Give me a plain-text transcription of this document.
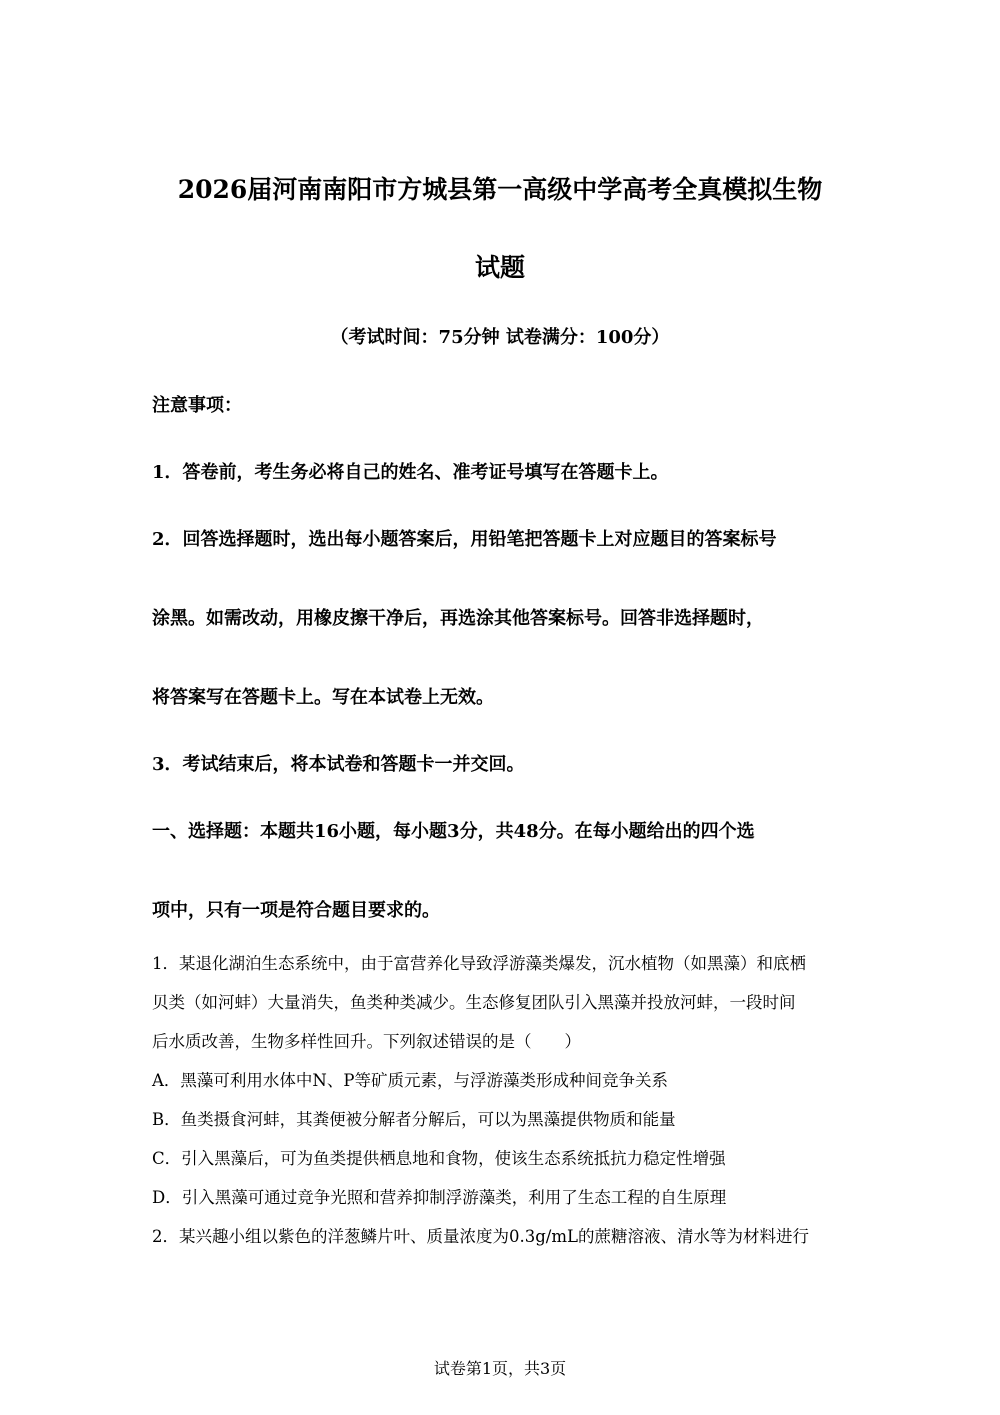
2026届河南南阳市方城县第一高级中学高考全真模拟生物
试题
（考试时间：75分钟 试卷满分：100分）
注意事项：
1．答卷前，考生务必将自己的姓名、准考证号填写在答题卡上。
2．回答选择题时，选出每小题答案后，用铅笔把答题卡上对应题目的答案标号
涂黑。如需改动，用橡皮擦干净后，再选涂其他答案标号。回答非选择题时，
将答案写在答题卡上。写在本试卷上无效。
3．考试结束后，将本试卷和答题卡一并交回。
一、选择题：本题共16小题，每小题3分，共48分。在每小题给出的四个选
项中，只有一项是符合题目要求的。
1．某退化湖泊生态系统中，由于富营养化导致浮游藻类爆发，沉水植物（如黑藻）和底栖
贝类（如河蚌）大量消失，鱼类种类减少。生态修复团队引入黑藻并投放河蚌，一段时间
后水质改善，生物多样性回升。下列叙述错误的是（　　）
A．黑藻可利用水体中N、P等矿质元素，与浮游藻类形成种间竞争关系
B．鱼类摄食河蚌，其粪便被分解者分解后，可以为黑藻提供物质和能量
C．引入黑藻后，可为鱼类提供栖息地和食物，使该生态系统抵抗力稳定性增强
D．引入黑藻可通过竞争光照和营养抑制浮游藻类，利用了生态工程的自生原理
2．某兴趣小组以紫色的洋葱鳞片叶、质量浓度为0.3g/mL的蔗糖溶液、清水等为材料进行
试卷第1页，共3页
